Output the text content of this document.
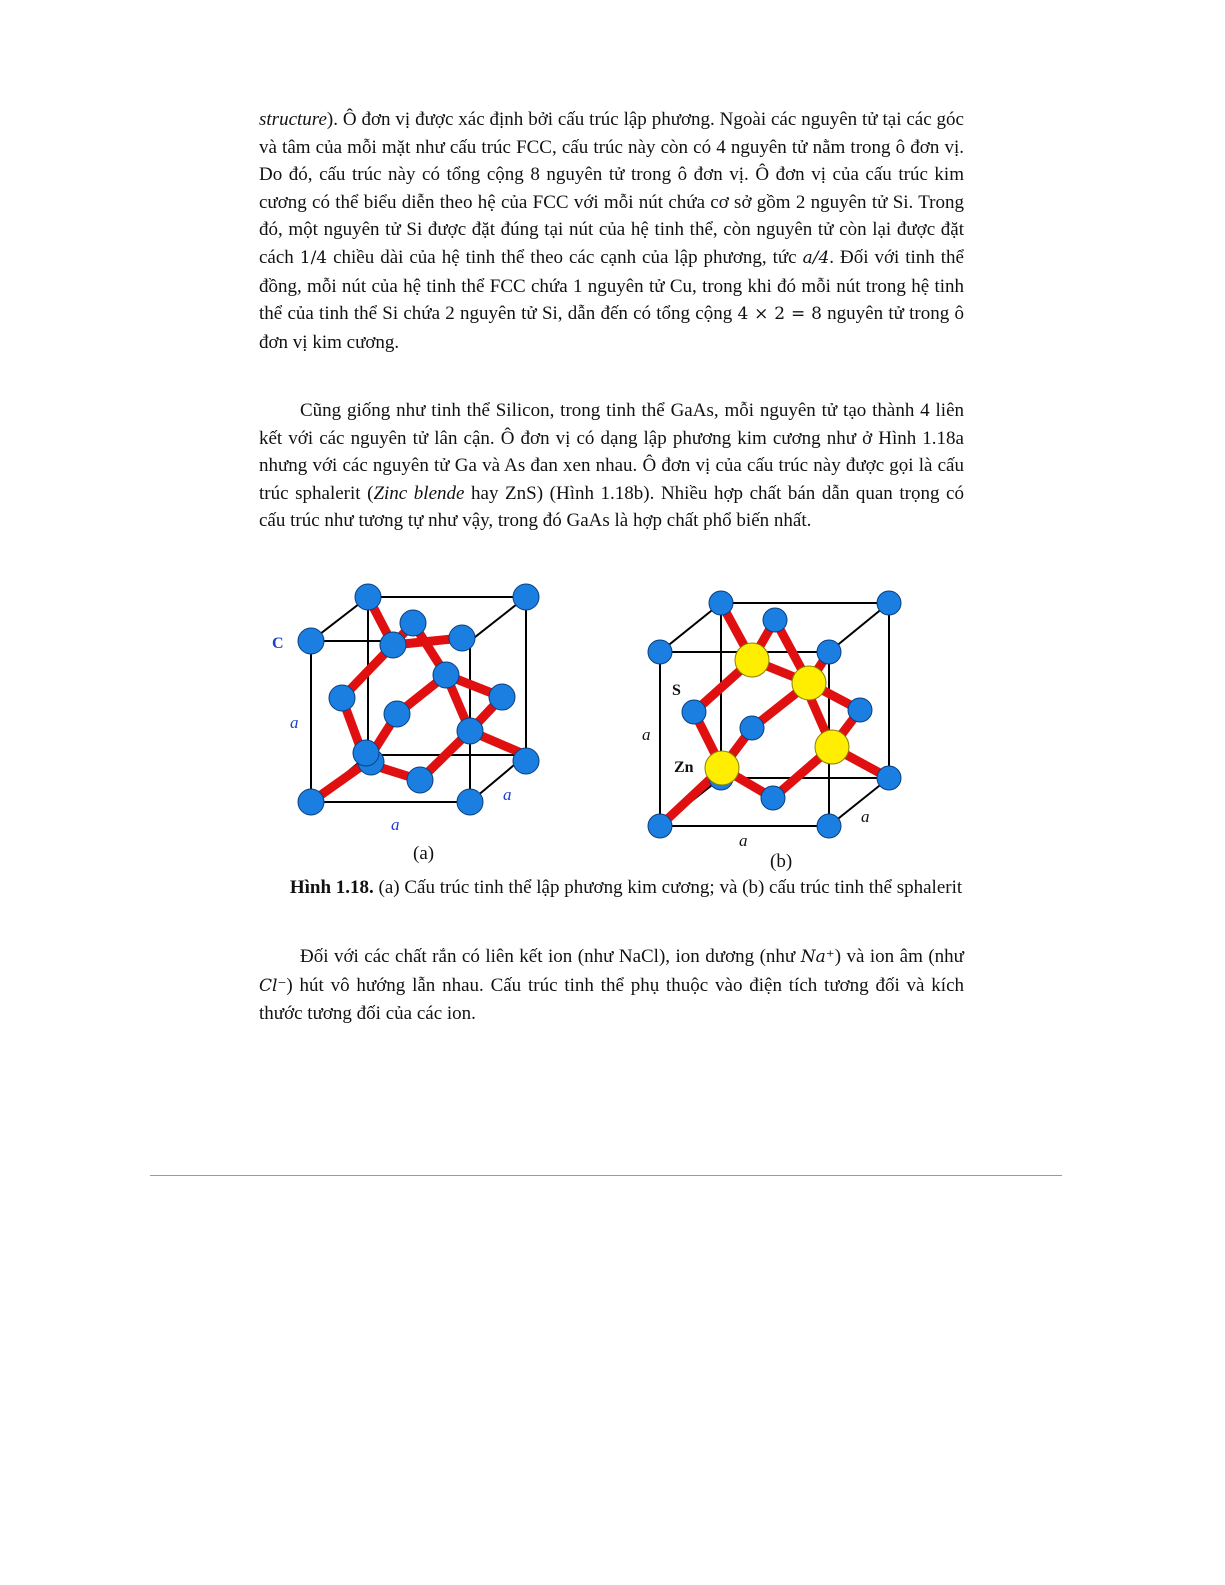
structure). Ô đơn vị được xác định bởi cấu trúc lập phương. Ngoài các nguyên tử tại các góc và tâm của mỗi mặt như cấu trúc FCC, cấu trúc này còn có 4 nguyên tử nằm trong ô đơn vị. Do đó, cấu trúc này có tổng cộng 8 nguyên tử trong ô đơn vị. Ô đơn vị của cấu trúc kim cương có thể biểu diễn theo hệ của FCC với mỗi nút chứa cơ sở gồm 2 nguyên tử Si. Trong đó, một nguyên tử Si được đặt đúng tại nút của hệ tinh thể, còn nguyên tử còn lại được đặt cách 1/4 chiều dài của hệ tinh thể theo các cạnh của lập phương, tức a/4. Đối với tinh thể đồng, mỗi nút của hệ tinh thể FCC chứa 1 nguyên tử Cu, trong khi đó mỗi nút trong hệ tinh thể của tinh thể Si chứa 2 nguyên tử Si, dẫn đến có tổng cộng 4 × 2 = 8 nguyên tử trong ô đơn vị kim cương.

Cũng giống như tinh thể Silicon, trong tinh thể GaAs, mỗi nguyên tử tạo thành 4 liên kết với các nguyên tử lân cận. Ô đơn vị có dạng lập phương kim cương như ở Hình 1.18a nhưng với các nguyên tử Ga và As đan xen nhau. Ô đơn vị của cấu trúc này được gọi là cấu trúc sphalerit (Zinc blende hay ZnS) (Hình 1.18b). Nhiều hợp chất bán dẫn quan trọng có cấu trúc như tương tự như vậy, trong đó GaAs là hợp chất phổ biến nhất.

C
a
a
a
(a)
S
a
Zn
a
a
(b)
Hình 1.18. (a) Cấu trúc tinh thể lập phương kim cương; và (b) cấu trúc tinh thể sphalerit

Đối với các chất rắn có liên kết ion (như NaCl), ion dương (như Na⁺) và ion âm (như Cl⁻) hút vô hướng lẫn nhau. Cấu trúc tinh thể phụ thuộc vào điện tích tương đối và kích thước tương đối của các ion.
